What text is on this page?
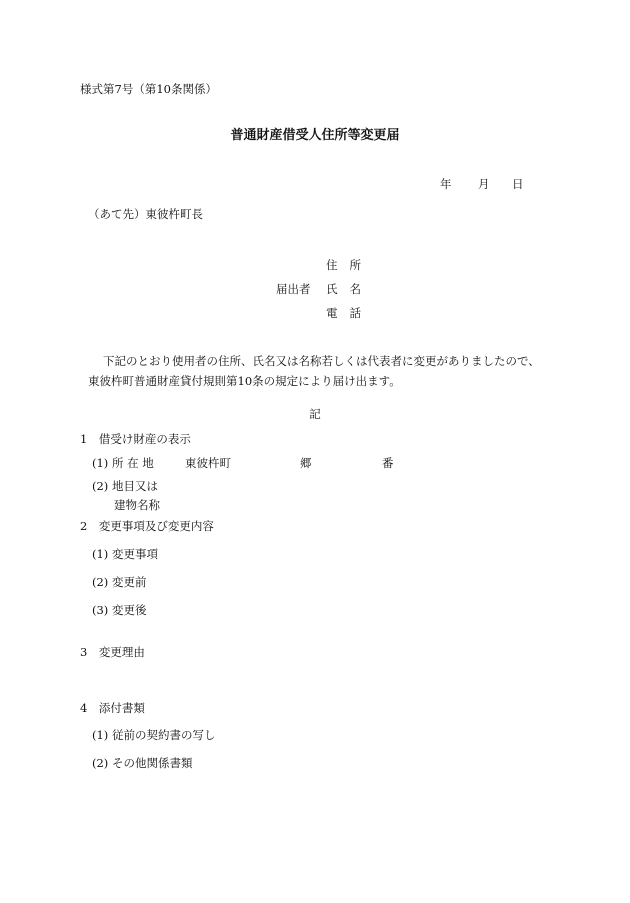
様式第7号（第10条関係）
普通財産借受人住所等変更届
年 月 日
（あて先）東彼杵町長
住 所
届出者 氏 名
電 話
下記のとおり使用者の住所、氏名又は名称若しくは代表者に変更がありましたので、
東彼杵町普通財産貸付規則第10条の規定により届け出ます。
記
1　借受け財産の表示
(1) 所 在 地	東彼杵町	郷	番
(2) 地目又は
建物名称
2　変更事項及び変更内容
(1) 変更事項
(2) 変更前
(3) 変更後
3　変更理由
4　添付書類
(1) 従前の契約書の写し
(2) その他関係書類
